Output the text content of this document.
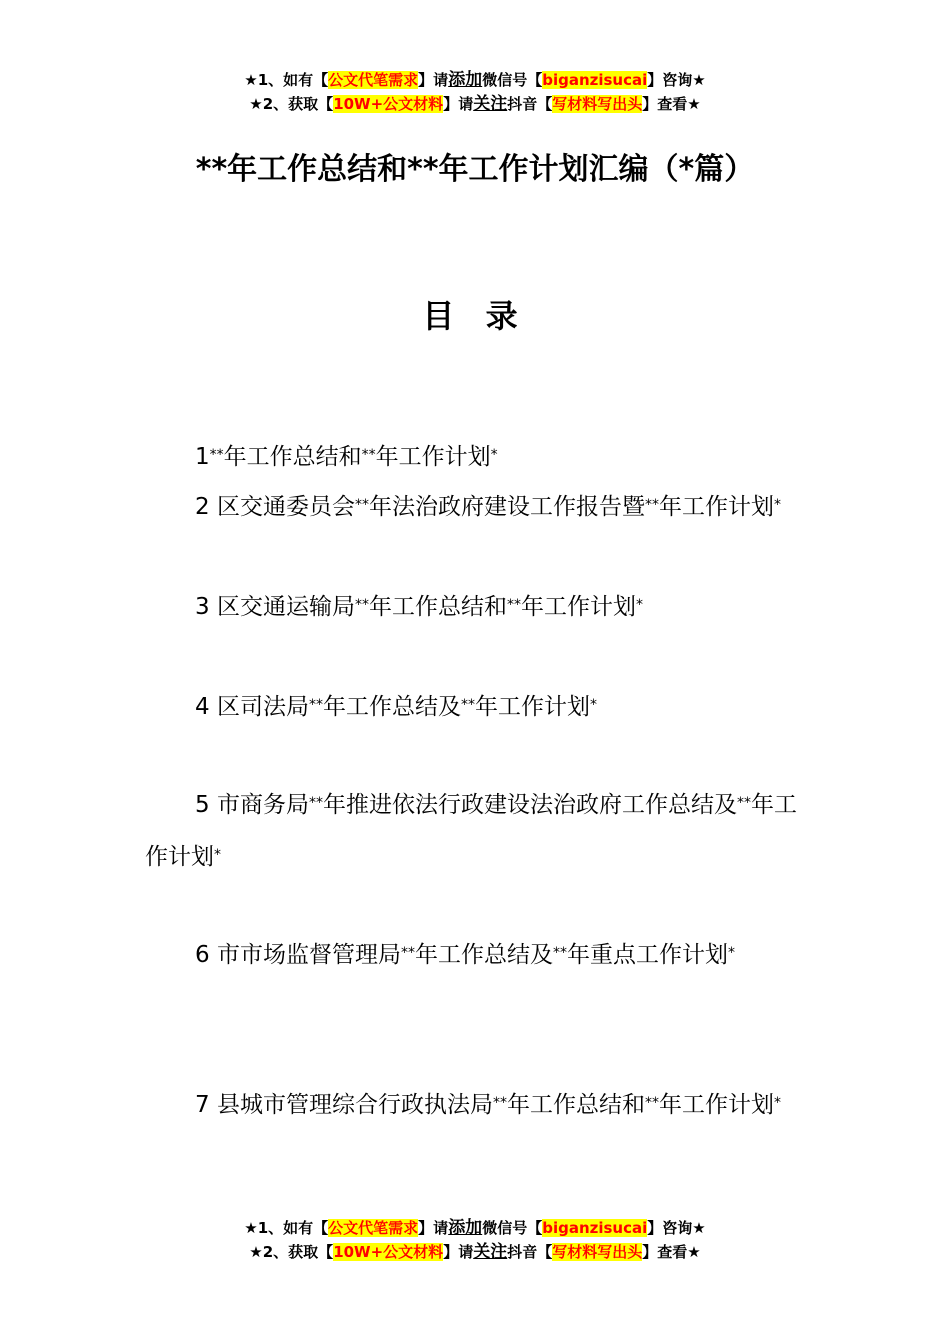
★1、如有【公文代笔需求】请添加微信号【biganzisucai】咨询★
★2、获取【10W+公文材料】请关注抖音【写材料写出头】查看★
**年工作总结和**年工作计划汇编（*篇）
目 录
1**年工作总结和**年工作计划*
2 区交通委员会**年法治政府建设工作报告暨**年工作计划*
3 区交通运输局**年工作总结和**年工作计划*
4 区司法局**年工作总结及**年工作计划*
5 市商务局**年推进依法行政建设法治政府工作总结及**年工作计划*
6 市市场监督管理局**年工作总结及**年重点工作计划*
7 县城市管理综合行政执法局**年工作总结和**年工作计划*
★1、如有【公文代笔需求】请添加微信号【biganzisucai】咨询★
★2、获取【10W+公文材料】请关注抖音【写材料写出头】查看★
